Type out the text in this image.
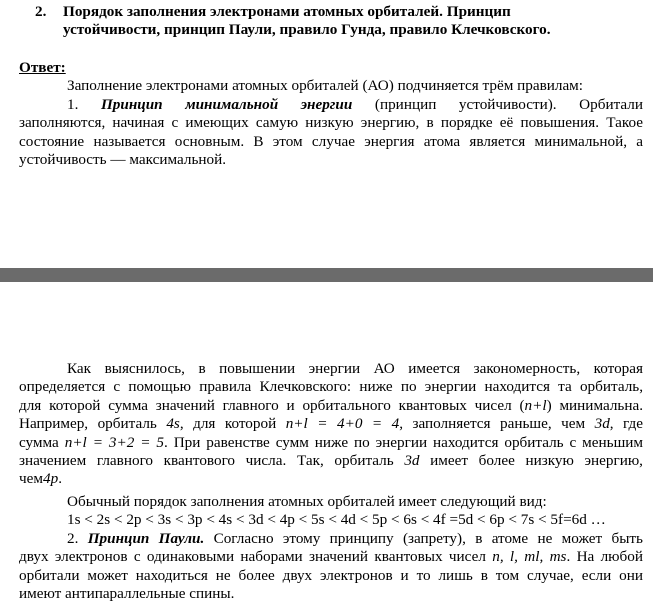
2. Порядок заполнения электронами атомных орбиталей. Принцип

устойчивости, принцип Паули, правило Гунда, правило Клечковского.

Ответ:

Заполнение электронами атомных орбиталей (АО) подчиняется трём правилам:

1. Принцип минимальной энергии (принцип устойчивости). Орбитали

заполняются, начиная с имеющих самую низкую энергию, в порядке её повышения. Такое

состояние называется основным. В этом случае энергия атома является минимальной, а

устойчивость — максимальной.

Как выяснилось, в повышении энергии АО имеется закономерность, которая

определяется с помощью правила Клечковского: ниже по энергии находится та орбиталь,

для которой сумма значений главного и орбитального квантовых чисел (n+l) минимальна.

Например, орбиталь 4s, для которой n+l = 4+0 = 4, заполняется раньше, чем 3d, где

сумма n+l = 3+2 = 5. При равенстве сумм ниже по энергии находится орбиталь с меньшим

значением главного квантового числа. Так, орбиталь 3d имеет более низкую энергию,

чем4p.

Обычный порядок заполнения атомных орбиталей имеет следующий вид:

1s < 2s < 2p < 3s < 3p < 4s < 3d < 4p < 5s < 4d < 5p < 6s < 4f =5d < 6p < 7s < 5f=6d …

2. Принцип Паули. Согласно этому принципу (запрету), в атоме не может быть

двух электронов с одинаковыми наборами значений квантовых чисел n, l, ml, ms. На любой

орбитали может находиться не более двух электронов и то лишь в том случае, если они

имеют антипараллельные спины.
